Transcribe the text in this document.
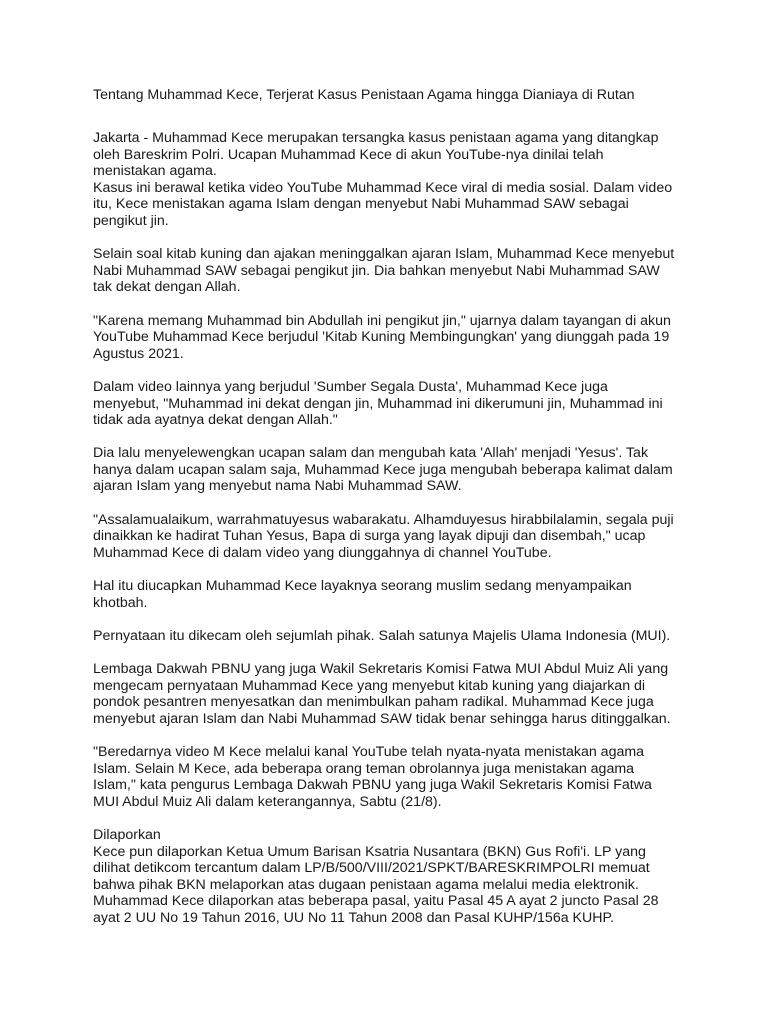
Tentang Muhammad Kece, Terjerat Kasus Penistaan Agama hingga Dianiaya di Rutan

Jakarta - Muhammad Kece merupakan tersangka kasus penistaan agama yang ditangkap
oleh Bareskrim Polri. Ucapan Muhammad Kece di akun YouTube-nya dinilai telah
menistakan agama.

Kasus ini berawal ketika video YouTube Muhammad Kece viral di media sosial. Dalam video
itu, Kece menistakan agama Islam dengan menyebut Nabi Muhammad SAW sebagai
pengikut jin.

Selain soal kitab kuning dan ajakan meninggalkan ajaran Islam, Muhammad Kece menyebut
Nabi Muhammad SAW sebagai pengikut jin. Dia bahkan menyebut Nabi Muhammad SAW
tak dekat dengan Allah.

"Karena memang Muhammad bin Abdullah ini pengikut jin," ujarnya dalam tayangan di akun
YouTube Muhammad Kece berjudul 'Kitab Kuning Membingungkan' yang diunggah pada 19
Agustus 2021.

Dalam video lainnya yang berjudul 'Sumber Segala Dusta', Muhammad Kece juga
menyebut, "Muhammad ini dekat dengan jin, Muhammad ini dikerumuni jin, Muhammad ini
tidak ada ayatnya dekat dengan Allah."

Dia lalu menyelewengkan ucapan salam dan mengubah kata 'Allah' menjadi 'Yesus'. Tak
hanya dalam ucapan salam saja, Muhammad Kece juga mengubah beberapa kalimat dalam
ajaran Islam yang menyebut nama Nabi Muhammad SAW.

"Assalamualaikum, warrahmatuyesus wabarakatu. Alhamduyesus hirabbilalamin, segala puji
dinaikkan ke hadirat Tuhan Yesus, Bapa di surga yang layak dipuji dan disembah," ucap
Muhammad Kece di dalam video yang diunggahnya di channel YouTube.

Hal itu diucapkan Muhammad Kece layaknya seorang muslim sedang menyampaikan
khotbah.

Pernyataan itu dikecam oleh sejumlah pihak. Salah satunya Majelis Ulama Indonesia (MUI).

Lembaga Dakwah PBNU yang juga Wakil Sekretaris Komisi Fatwa MUI Abdul Muiz Ali yang
mengecam pernyataan Muhammad Kece yang menyebut kitab kuning yang diajarkan di
pondok pesantren menyesatkan dan menimbulkan paham radikal. Muhammad Kece juga
menyebut ajaran Islam dan Nabi Muhammad SAW tidak benar sehingga harus ditinggalkan.

"Beredarnya video M Kece melalui kanal YouTube telah nyata-nyata menistakan agama
Islam. Selain M Kece, ada beberapa orang teman obrolannya juga menistakan agama
Islam," kata pengurus Lembaga Dakwah PBNU yang juga Wakil Sekretaris Komisi Fatwa
MUI Abdul Muiz Ali dalam keterangannya, Sabtu (21/8).

Dilaporkan
Kece pun dilaporkan Ketua Umum Barisan Ksatria Nusantara (BKN) Gus Rofi'i. LP yang
dilihat detikcom tercantum dalam LP/B/500/VIII/2021/SPKT/BARESKRIMPOLRI memuat
bahwa pihak BKN melaporkan atas dugaan penistaan agama melalui media elektronik.
Muhammad Kece dilaporkan atas beberapa pasal, yaitu Pasal 45 A ayat 2 juncto Pasal 28
ayat 2 UU No 19 Tahun 2016, UU No 11 Tahun 2008 dan Pasal KUHP/156a KUHP.
